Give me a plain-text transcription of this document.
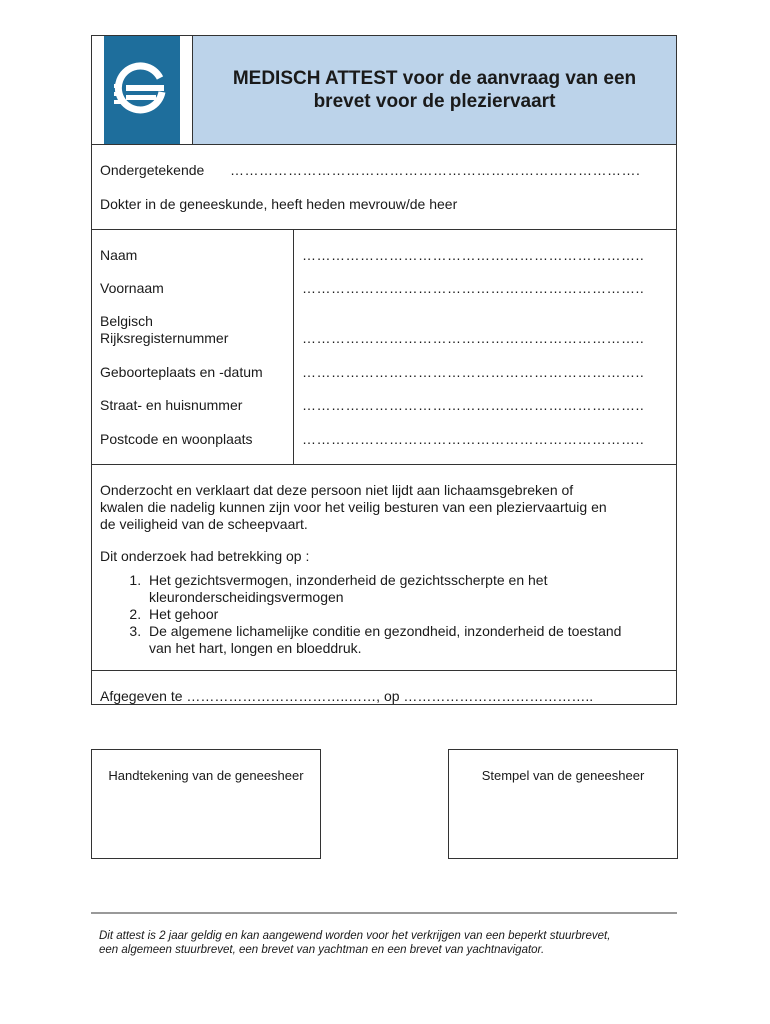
MEDISCH ATTEST voor de aanvraag van een
brevet voor de pleziervaart
Ondergetekende ………………………………………………………………………….
Dokter in de geneeskunde, heeft heden mevrouw/de heer
Naam	……………………………………………………………..
Voornaam	……………………………………………………………..
Belgisch
Rijksregisternummer	……………………………………………………………..
Geboorteplaats en -datum	……………………………………………………………..
Straat- en huisnummer	……………………………………………………………..
Postcode en woonplaats	……………………………………………………………..
Onderzocht en verklaart dat deze persoon niet lijdt aan lichaamsgebreken of
kwalen die nadelig kunnen zijn voor het veilig besturen van een pleziervaartuig en
de veiligheid van de scheepvaart.
Dit onderzoek had betrekking op :
1. Het gezichtsvermogen, inzonderheid de gezichtsscherpte en het
kleuronderscheidingsvermogen
2. Het gehoor
3. De algemene lichamelijke conditie en gezondheid, inzonderheid de toestand
van het hart, longen en bloeddruk.
Afgegeven te ……………………………..……, op …………………………………..
Handtekening van de geneesheer	Stempel van de geneesheer
Dit attest is 2 jaar geldig en kan aangewend worden voor het verkrijgen van een beperkt stuurbrevet,
een algemeen stuurbrevet, een brevet van yachtman en een brevet van yachtnavigator.
